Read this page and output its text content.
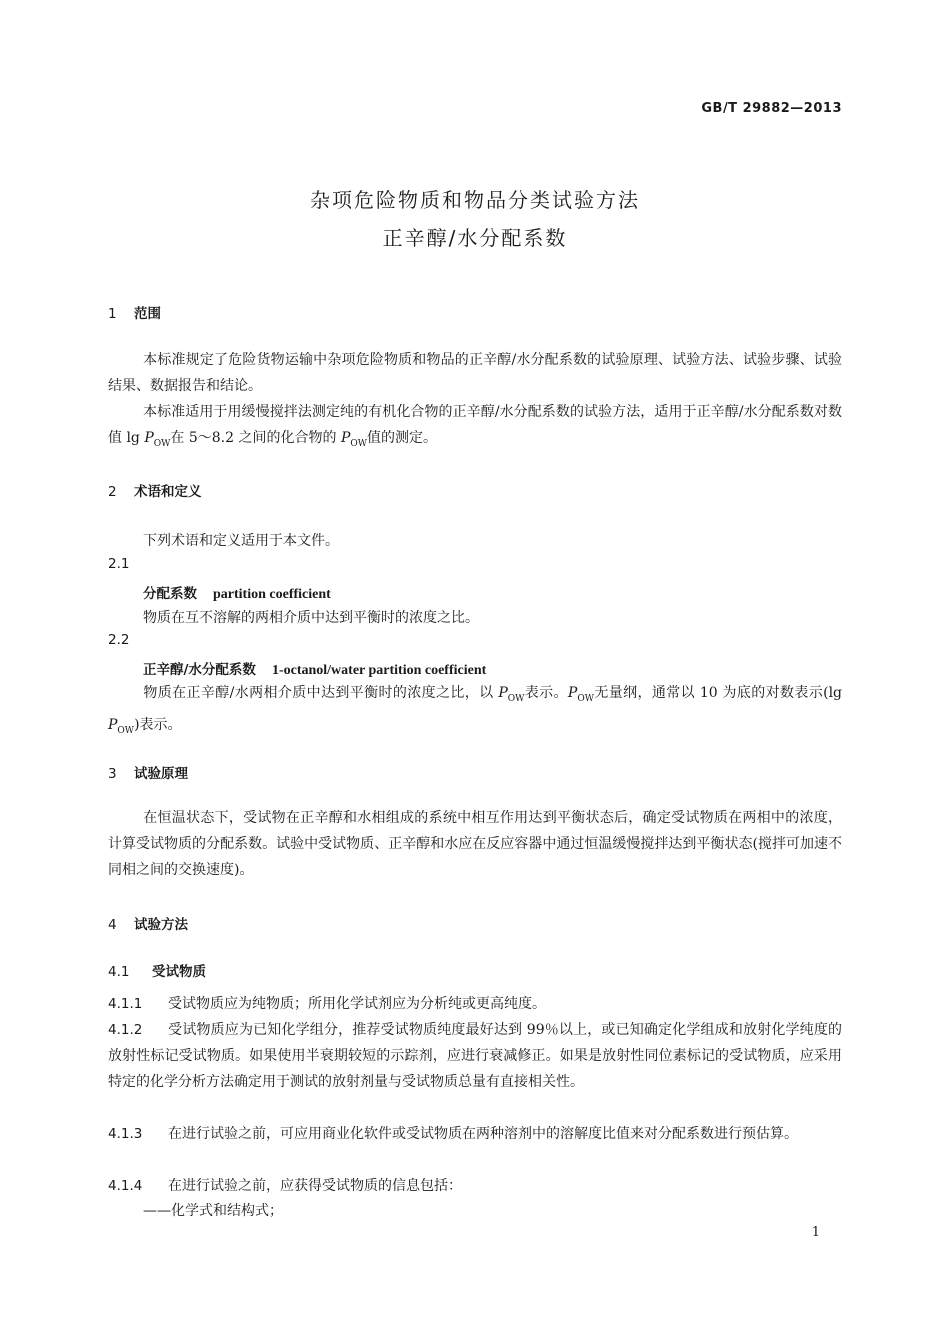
GB/T 29882—2013
杂项危险物质和物品分类试验方法
正辛醇/水分配系数
1 范围
本标准规定了危险货物运输中杂项危险物质和物品的正辛醇/水分配系数的试验原理、试验方法、试验步骤、试验结果、数据报告和结论。
本标准适用于用缓慢搅拌法测定纯的有机化合物的正辛醇/水分配系数的试验方法，适用于正辛醇/水分配系数对数值 $\lg P_{OW}$在 5～8.2 之间的化合物的 $P_{OW}$值的测定。
2 术语和定义
下列术语和定义适用于本文件。
2.1
分配系数 partition coefficient
物质在互不溶解的两相介质中达到平衡时的浓度之比。
2.2
正辛醇/水分配系数 1-octanol/water partition coefficient
物质在正辛醇/水两相介质中达到平衡时的浓度之比，以 $P_{OW}$表示。$P_{OW}$无量纲，通常以 10 为底的对数表示(lg $P_{OW}$)表示。
3 试验原理
在恒温状态下，受试物在正辛醇和水相组成的系统中相互作用达到平衡状态后，确定受试物质在两相中的浓度，计算受试物质的分配系数。试验中受试物质、正辛醇和水应在反应容器中通过恒温缓慢搅拌达到平衡状态(搅拌可加速不同相之间的交换速度)。
4 试验方法
4.1 受试物质
4.1.1 受试物质应为纯物质；所用化学试剂应为分析纯或更高纯度。
4.1.2 受试物质应为已知化学组分，推荐受试物质纯度最好达到 99％以上，或已知确定化学组成和放射化学纯度的放射性标记受试物质。如果使用半衰期较短的示踪剂，应进行衰减修正。如果是放射性同位素标记的受试物质，应采用特定的化学分析方法确定用于测试的放射剂量与受试物质总量有直接相关性。
4.1.3 在进行试验之前，可应用商业化软件或受试物质在两种溶剂中的溶解度比值来对分配系数进行预估算。
4.1.4 在进行试验之前，应获得受试物质的信息包括：
——化学式和结构式；
1
